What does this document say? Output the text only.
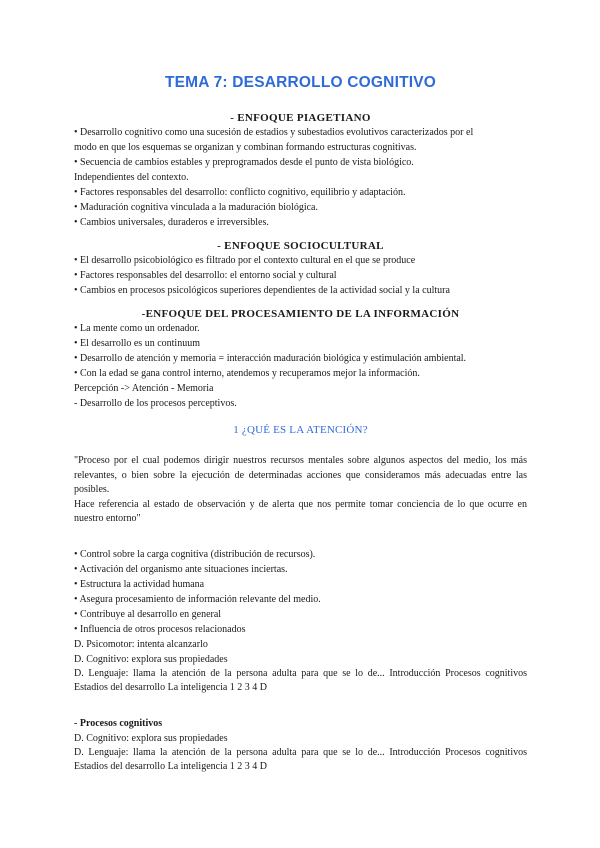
TEMA 7: DESARROLLO COGNITIVO

- ENFOQUE PIAGETIANO

• Desarrollo cognitivo como una sucesión de estadios y subestadios evolutivos caracterizados por el

modo en que los esquemas se organizan y combinan formando estructuras cognitivas.

• Secuencia de cambios estables y preprogramados desde el punto de vista biológico.

Independientes del contexto.

• Factores responsables del desarrollo: conflicto cognitivo, equilibrio y adaptación.

• Maduración cognitiva vinculada a la maduración biológica.

• Cambios universales, duraderos e irreversibles.

- ENFOQUE SOCIOCULTURAL

• El desarrollo psicobiológico es filtrado por el contexto cultural en el que se produce

• Factores responsables del desarrollo: el entorno social y cultural

• Cambios en procesos psicológicos superiores dependientes de la actividad social y la cultura

-ENFOQUE DEL PROCESAMIENTO DE LA INFORMACIÓN

• La mente como un ordenador.

• El desarrollo es un continuum

• Desarrollo de atención y memoria = interacción maduración biológica y estimulación ambiental.

• Con la edad se gana control interno, atendemos y recuperamos mejor la información.

Percepción -> Atención - Memoria

- Desarrollo de los procesos perceptivos.

1 ¿QUÉ ES LA ATENCIÓN?

"Proceso por el cual podemos dirigir nuestros recursos mentales sobre algunos aspectos del medio, los más relevantes, o bien sobre la ejecución de determinadas acciones que consideramos más adecuadas entre las posibles.

Hace referencia al estado de observación y de alerta que nos permite tomar conciencia de lo que ocurre en nuestro entorno"

• Control sobre la carga cognitiva (distribución de recursos).

• Activación del organismo ante situaciones inciertas.

• Estructura la actividad humana

• Asegura procesamiento de información relevante del medio.

• Contribuye al desarrollo en general

• Influencia de otros procesos relacionados

D. Psicomotor: intenta alcanzarlo

D. Cognitivo: explora sus propiedades

D. Lenguaje: llama la atención de la persona adulta para que se lo de... Introducción Procesos cognitivos Estadios del desarrollo La inteligencia 1 2 3 4 D

- Procesos cognitivos

D. Cognitivo: explora sus propiedades

D. Lenguaje: llama la atención de la persona adulta para que se lo de... Introducción Procesos cognitivos Estadios del desarrollo La inteligencia 1 2 3 4 D
